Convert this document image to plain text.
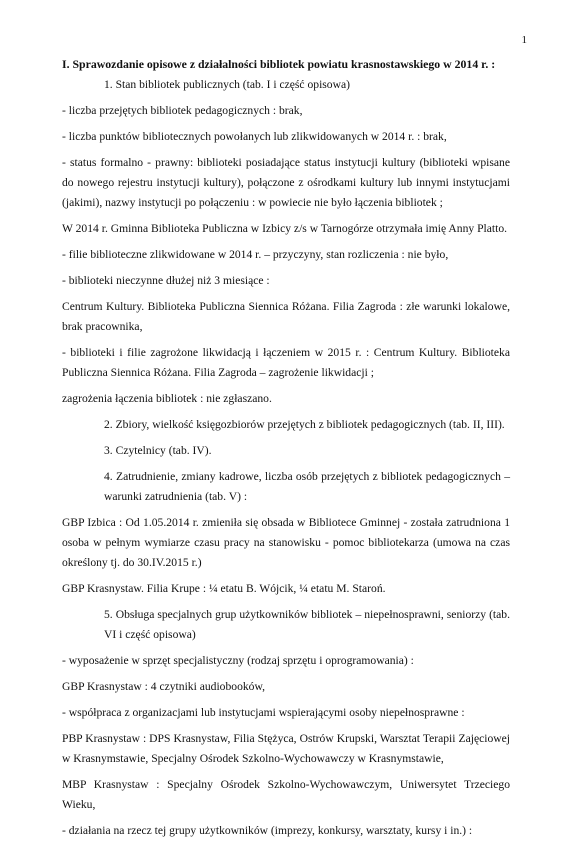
1
I. Sprawozdanie opisowe z działalności bibliotek powiatu krasnostawskiego w 2014 r. :
1. Stan bibliotek publicznych (tab. I i część opisowa)
- liczba przejętych bibliotek pedagogicznych : brak,
- liczba punktów bibliotecznych powołanych lub zlikwidowanych w 2014 r. : brak,
- status formalno - prawny: biblioteki posiadające status instytucji kultury (biblioteki wpisane do nowego rejestru instytucji kultury), połączone z ośrodkami kultury lub innymi instytucjami (jakimi), nazwy instytucji po połączeniu : w powiecie nie było łączenia bibliotek ;
W 2014 r. Gminna Biblioteka Publiczna w Izbicy z/s w Tarnogórze otrzymała imię Anny Platto.
- filie biblioteczne zlikwidowane w 2014 r. – przyczyny, stan rozliczenia : nie było,
- biblioteki nieczynne dłużej niż 3 miesiące :
Centrum Kultury. Biblioteka Publiczna Siennica Różana. Filia Zagroda : złe warunki lokalowe, brak pracownika,
- biblioteki i filie zagrożone likwidacją i łączeniem w 2015 r. : Centrum Kultury. Biblioteka Publiczna Siennica Różana. Filia Zagroda – zagrożenie likwidacji ;
zagrożenia łączenia bibliotek : nie zgłaszano.
2. Zbiory, wielkość księgozbiorów przejętych z bibliotek pedagogicznych (tab. II, III).
3. Czytelnicy (tab. IV).
4. Zatrudnienie, zmiany kadrowe, liczba osób przejętych z bibliotek pedagogicznych – warunki zatrudnienia (tab. V) :
GBP Izbica : Od 1.05.2014 r. zmieniła się obsada w Bibliotece Gminnej - została zatrudniona 1 osoba w pełnym wymiarze czasu pracy na stanowisku - pomoc bibliotekarza (umowa na czas określony tj. do 30.IV.2015 r.)
GBP Krasnystaw. Filia Krupe : ¼ etatu B. Wójcik, ¼ etatu M. Staroń.
5. Obsługa specjalnych grup użytkowników bibliotek – niepełnosprawni, seniorzy (tab. VI i część opisowa)
- wyposażenie w sprzęt specjalistyczny (rodzaj sprzętu i oprogramowania) :
GBP Krasnystaw : 4 czytniki audiobooków,
- współpraca z organizacjami lub instytucjami wspierającymi osoby niepełnosprawne :
PBP Krasnystaw : DPS Krasnystaw, Filia Stężyca, Ostrów Krupski, Warsztat Terapii Zajęciowej w Krasnymstawie, Specjalny Ośrodek Szkolno-Wychowawczy w Krasnymstawie,
MBP Krasnystaw : Specjalny Ośrodek Szkolno-Wychowawczym, Uniwersytet Trzeciego Wieku,
- działania na rzecz tej grupy użytkowników (imprezy, konkursy, warsztaty, kursy i in.) :
